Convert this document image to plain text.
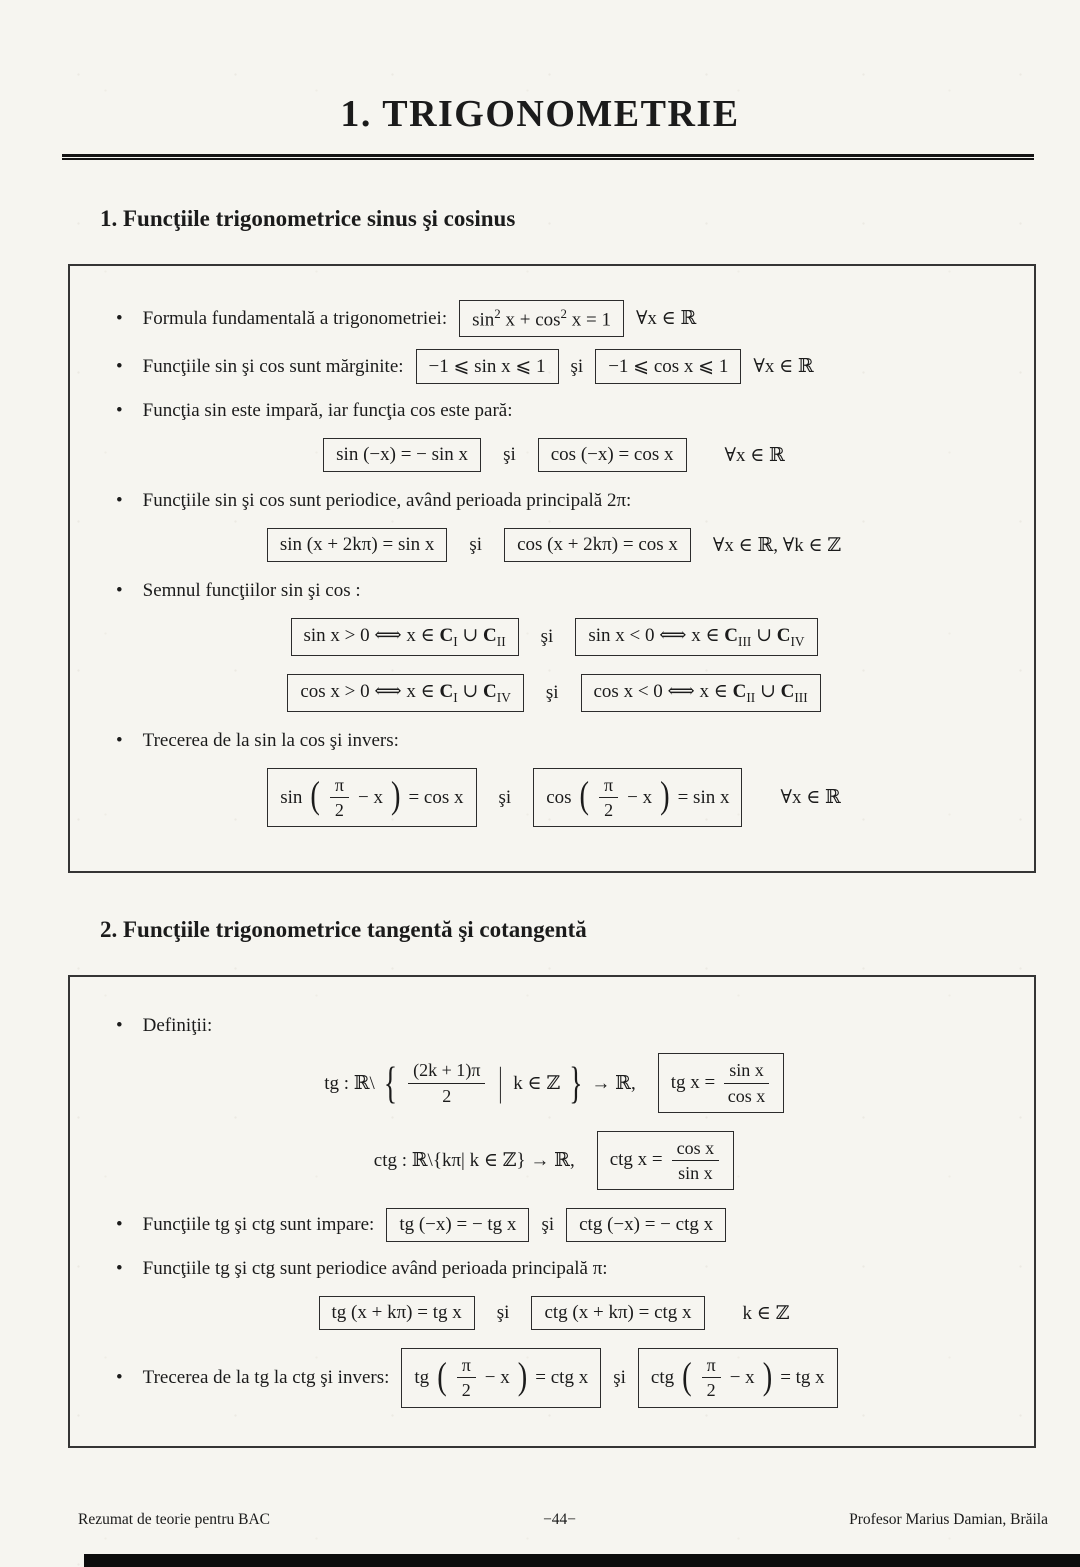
1. TRIGONOMETRIE
1. Funcţiile trigonometrice sinus şi cosinus
• Formula fundamentală a trigonometriei:	$\sin^2 x + \cos^2 x = 1$	∀x ∈ ℝ
• Funcţiile sin şi cos sunt mărginite:	−1 ⩽ sin x ⩽ 1	şi	−1 ⩽ cos x ⩽ 1	∀x ∈ ℝ
• Funcţia sin este impară, iar funcţia cos este pară:
sin (−x) = − sin x	şi	cos (−x) = cos x	∀x ∈ ℝ
• Funcţiile sin şi cos sunt periodice, având perioada principală 2π:
sin (x + 2kπ) = sin x	şi	cos (x + 2kπ) = cos x	∀x ∈ ℝ, ∀k ∈ ℤ
• Semnul funcţiilor sin şi cos :
sin x > 0 ⟺ x ∈ $C_I$ ∪ $C_{II}$	şi	sin x < 0 ⟺ x ∈ $C_{III}$ ∪ $C_{IV}$
cos x > 0 ⟺ x ∈ $C_I$ ∪ $C_{IV}$	şi	cos x < 0 ⟺ x ∈ $C_{II}$ ∪ $C_{III}$
• Trecerea de la sin la cos şi invers:
sin ( $\frac{\pi}{2} - x$ ) = cos x şi cos ( $\frac{\pi}{2} - x$ ) = sin x	∀x ∈ ℝ
2. Funcţiile trigonometrice tangentă şi cotangentă
• Definiţii:
tg : ℝ\ { $\frac{(2k + 1)\pi}{2}$ | k ∈ ℤ } → ℝ, tg $x = \frac{\text{sin x}}{\text{cos x}}$
ctg : ℝ\{kπ| k ∈ ℤ} → ℝ, ctg $x = \frac{\text{cos x}}{\text{sin x}}$
• Funcţiile tg şi ctg sunt impare:	tg (−x) = − tg x	şi	ctg (−x) = − ctg x
• Funcţiile tg şi ctg sunt periodice având perioada principală π:
tg (x + kπ) = tg x	şi	ctg (x + kπ) = ctg x	k ∈ ℤ
• Trecerea de la tg la ctg şi invers: tg ( $\frac{\pi}{2} - x$ ) = ctg x şi ctg ( $\frac{\pi}{2} - x$ ) = tg x
Rezumat de teorie pentru BAC	−44−	Profesor Marius Damian, Brăila
